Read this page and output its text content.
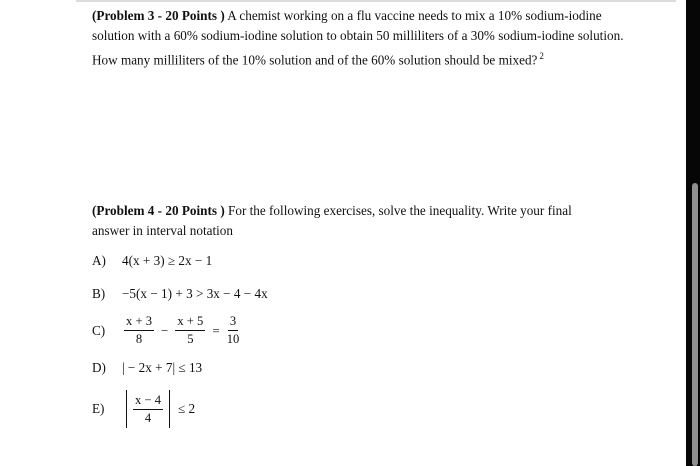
(Problem 3 - 20 Points ) A chemist working on a flu vaccine needs to mix a 10% sodium-iodine solution with a 60% sodium-iodine solution to obtain 50 milliliters of a 30% sodium-iodine solution. How many milliliters of the 10% solution and of the 60% solution should be mixed? $^2$
(Problem 4 - 20 Points ) For the following exercises, solve the inequality. Write your final answer in interval notation
A)	4(x + 3) ≥ 2x − 1
B)	−5(x − 1) + 3 > 3x − 4 − 4x
C)	$\frac{x + 3}{8} - \frac{x + 5}{5} = \frac{3}{10}$
D)	| − 2x + 7| ≤ 13
E)	$\frac{x - 4}{4} \le 2$
